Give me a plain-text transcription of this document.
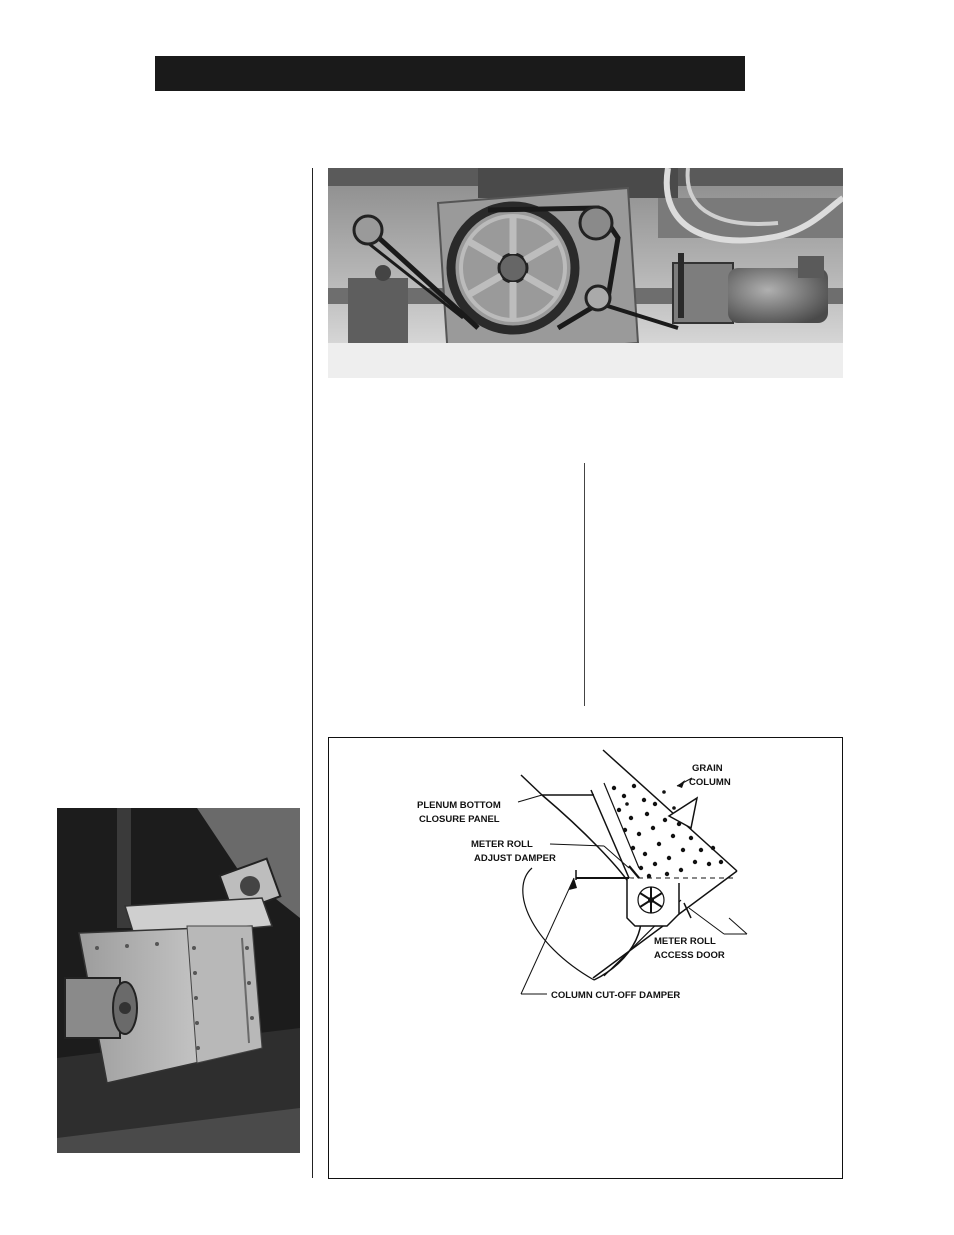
GRAIN
COLUMN
PLENUM BOTTOM
CLOSURE PANEL
METER ROLL
ADJUST DAMPER
METER ROLL
ACCESS DOOR
COLUMN CUT-OFF DAMPER
